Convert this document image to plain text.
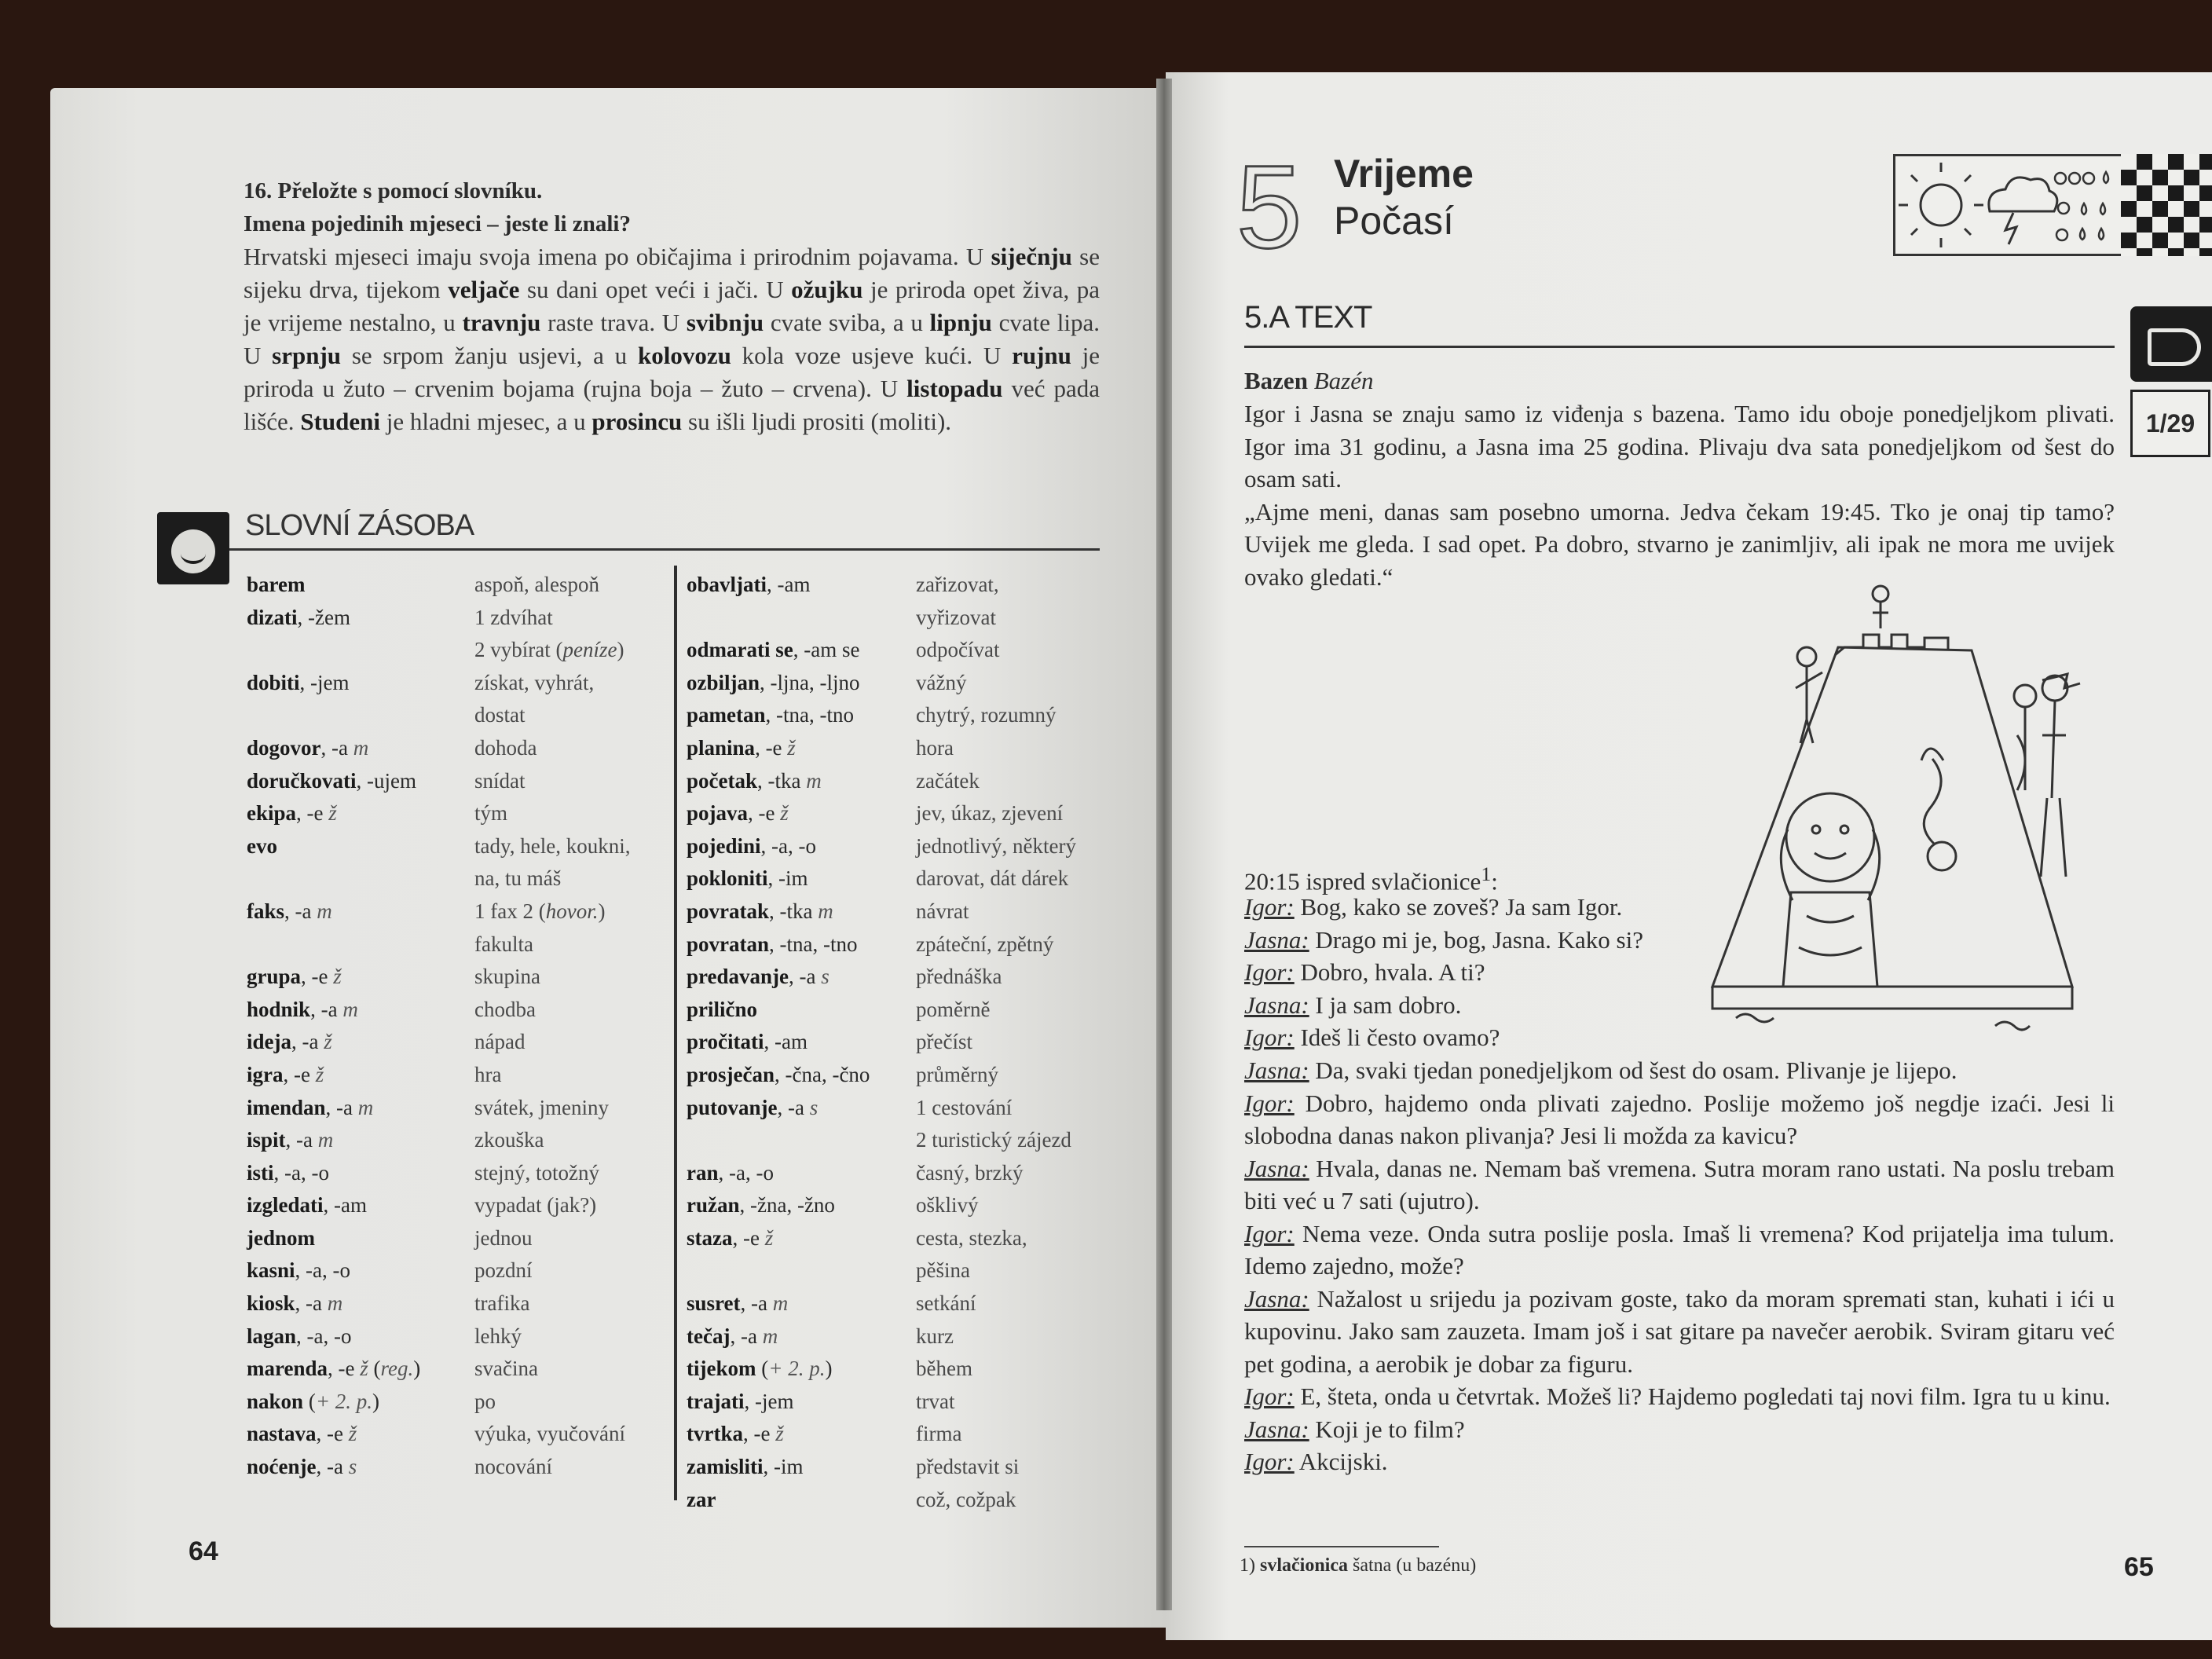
16. Přeložte s pomocí slovníku.
Imena pojedinih mjeseci – jeste li znali?
Hrvatski mjeseci imaju svoja imena po običajima i prirodnim pojavama. U siječnju se sijeku drva, tijekom veljače su dani opet veći i jači. U ožujku je priroda opet živa, pa je vrijeme nestalno, u travnju raste trava. U svibnju cvate sviba, a u lipnju cvate lipa. U srpnju se srpom žanju usjevi, a u kolovozu kola voze usjeve kući. U rujnu je priroda u žuto – crvenim bojama (rujna boja – žuto – crvena). U listopadu već pada lišće. Studeni je hladni mjesec, a u prosincu su išli ljudi prositi (moliti).
SLOVNÍ ZÁSOBA
barem
dizati, -žem
dobiti, -jem
dogovor, -a m
doručkovati, -ujem
ekipa, -e ž
evo
faks, -a m
grupa, -e ž
hodnik, -a m
ideja, -a ž
igra, -e ž
imendan, -a m
ispit, -a m
isti, -a, -o
izgledati, -am
jednom
kasni, -a, -o
kiosk, -a m
lagan, -a, -o
marenda, -e ž (reg.)
nakon (+ 2. p.)
nastava, -e ž
noćenje, -a s
aspoň, alespoň
1 zdvíhat
2 vybírat (peníze)
získat, vyhrát,
dostat
dohoda
snídat
tým
tady, hele, koukni,
na, tu máš
1 fax 2 (hovor.)
fakulta
skupina
chodba
nápad
hra
svátek, jmeniny
zkouška
stejný, totožný
vypadat (jak?)
jednou
pozdní
trafika
lehký
svačina
po
výuka, vyučování
nocování
obavljati, -am
odmarati se, -am se
ozbiljan, -ljna, -ljno
pametan, -tna, -tno
planina, -e ž
početak, -tka m
pojava, -e ž
pojedini, -a, -o
pokloniti, -im
povratak, -tka m
povratan, -tna, -tno
predavanje, -a s
prilično
pročitati, -am
prosječan, -čna, -čno
putovanje, -a s
ran, -a, -o
ružan, -žna, -žno
staza, -e ž
susret, -a m
tečaj, -a m
tijekom (+ 2. p.)
trajati, -jem
tvrtka, -e ž
zamisliti, -im
zar
zařizovat,
vyřizovat
odpočívat
vážný
chytrý, rozumný
hora
začátek
jev, úkaz, zjevení
jednotlivý, některý
darovat, dát dárek
návrat
zpáteční, zpětný
přednáška
poměrně
přečíst
průměrný
1 cestování
2 turistický zájezd
časný, brzký
ošklivý
cesta, stezka,
pěšina
setkání
kurz
během
trvat
firma
představit si
což, cožpak
64
5 Vrijeme
Počasí
5.A TEXT
1/29
Bazen Bazén
Igor i Jasna se znaju samo iz viđenja s bazena. Tamo idu oboje ponedjeljkom plivati. Igor ima 31 godinu, a Jasna ima 25 godina. Plivaju dva sata ponedjeljkom od šest do osam sati.
„Ajme meni, danas sam posebno umorna. Jedva čekam 19:45. Tko je onaj tip tamo? Uvijek me gleda. I sad opet. Pa dobro, stvarno je zanimljiv, ali ipak ne mora me uvijek ovako gledati.“
20:15 ispred svlačionice$^1$:
Igor: Bog, kako se zoveš? Ja sam Igor.
Jasna: Drago mi je, bog, Jasna. Kako si?
Igor: Dobro, hvala. A ti?
Jasna: I ja sam dobro.
Igor: Ideš li često ovamo?
Jasna: Da, svaki tjedan ponedjeljkom od šest do osam. Plivanje je lijepo.
Igor: Dobro, hajdemo onda plivati zajedno. Poslije možemo još negdje izaći. Jesi li slobodna danas nakon plivanja? Jesi li možda za kavicu?
Jasna: Hvala, danas ne. Nemam baš vremena. Sutra moram rano ustati. Na poslu trebam biti već u 7 sati (ujutro).
Igor: Nema veze. Onda sutra poslije posla. Imaš li vremena? Kod prijatelja ima tulum. Idemo zajedno, može?
Jasna: Nažalost u srijedu ja pozivam goste, tako da moram spremati stan, kuhati i ići u kupovinu. Jako sam zauzeta. Imam još i sat gitare pa navečer aerobik. Sviram gitaru već pet godina, a aerobik je dobar za figuru.
Igor: E, šteta, onda u četvrtak. Možeš li? Hajdemo pogledati taj novi film. Igra tu u kinu.
Jasna: Koji je to film?
Igor: Akcijski.
1) svlačionica šatna (u bazénu)	65
